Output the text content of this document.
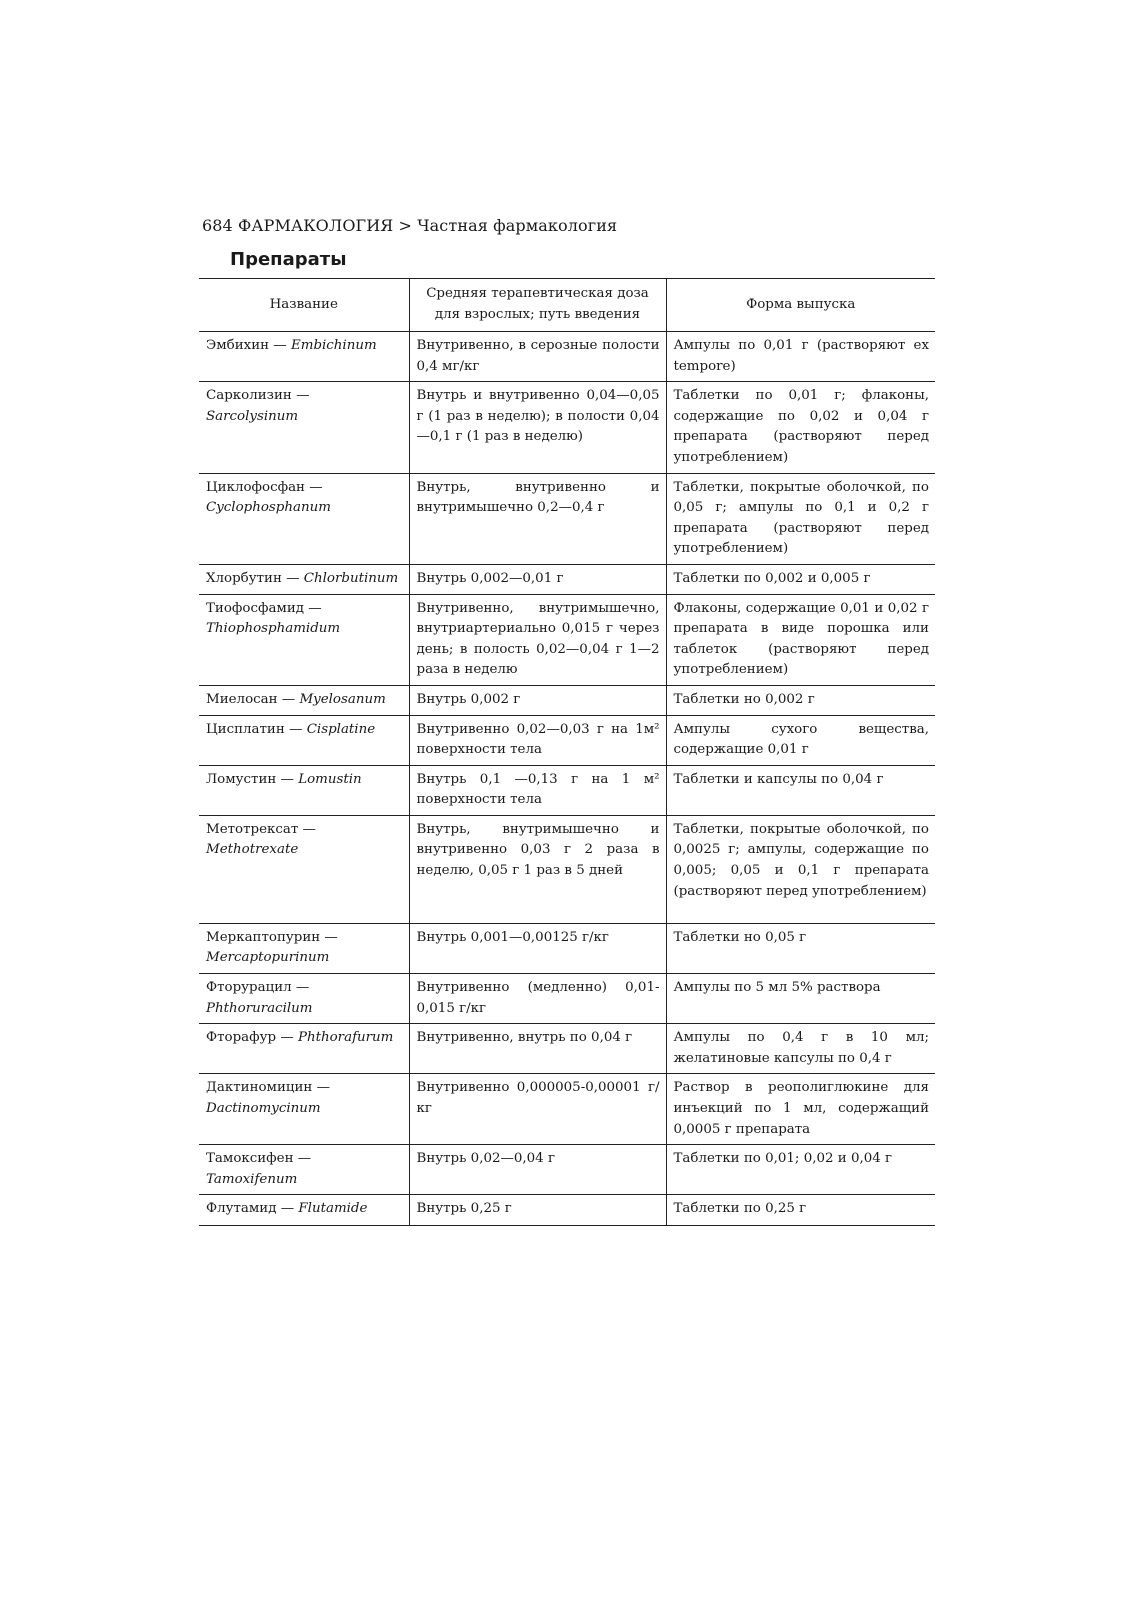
684 ФАРМАКОЛОГИЯ > Частная фармакология
Препараты
Название	Средняя терапевтическая доза для взрослых; путь введения	Форма выпуска
Эмбихин — Embichinum	Внутривенно, в серозные полости 0,4 мг/кг	Ампулы по 0,01 г (растворяют ex tempore)
Сарколизин — Sarcolysinum	Внутрь и внутривенно 0,04—0,05 г (1 раз в неделю); в полости 0,04—0,1 г (1 раз в неделю)	Таблетки по 0,01 г; флаконы, содержащие по 0,02 и 0,04 г препарата (растворяют перед употреблением)
Циклофосфан — Cyclophosphanum	Внутрь, внутривенно и внутримышечно 0,2—0,4 г	Таблетки, покрытые оболочкой, по 0,05 г; ампулы по 0,1 и 0,2 г препарата (растворяют перед употреблением)
Хлорбутин — Chlorbutinum	Внутрь 0,002—0,01 г	Таблетки по 0,002 и 0,005 г
Тиофосфамид — Thiophosphamidum	Внутривенно, внутримышечно, внутриартериально 0,015 г через день; в полость 0,02—0,04 г 1—2 раза в неделю	Флаконы, содержащие 0,01 и 0,02 г препарата в виде порошка или таблеток (растворяют перед употреблением)
Миелосан — Myelosanum	Внутрь 0,002 г	Таблетки но 0,002 г
Цисплатин — Cisplatine	Внутривенно 0,02—0,03 г на 1м² поверхности тела	Ампулы сухого вещества, содержащие 0,01 г
Ломустин — Lomustin	Внутрь 0,1 —0,13 г на 1 м² поверхности тела	Таблетки и капсулы по 0,04 г
Метотрексат — Methotrexate	Внутрь, внутримышечно и внутривенно 0,03 г 2 раза в неделю, 0,05 г 1 раз в 5 дней	Таблетки, покрытые оболочкой, по 0,0025 г; ампулы, содержащие по 0,005; 0,05 и 0,1 г препарата (растворяют перед употреблением)
Меркаптопурин — Mercaptopurinum	Внутрь 0,001—0,00125 г/кг	Таблетки но 0,05 г
Фторурацил — Phthoruracilum	Внутривенно (медленно) 0,01-0,015 г/кг	Ампулы по 5 мл 5% раствора
Фторафур — Phthorafurum	Внутривенно, внутрь по 0,04 г	Ампулы по 0,4 г в 10 мл; желатиновые капсулы по 0,4 г
Дактиномицин — Dactinomycinum	Внутривенно 0,000005-0,00001 г/кг	Раствор в реополиглюкине для инъекций по 1 мл, содержащий 0,0005 г препарата
Тамоксифен — Tamoxifenum	Внутрь 0,02—0,04 г	Таблетки по 0,01; 0,02 и 0,04 г
Флутамид — Flutamide	Внутрь 0,25 г	Таблетки по 0,25 г
